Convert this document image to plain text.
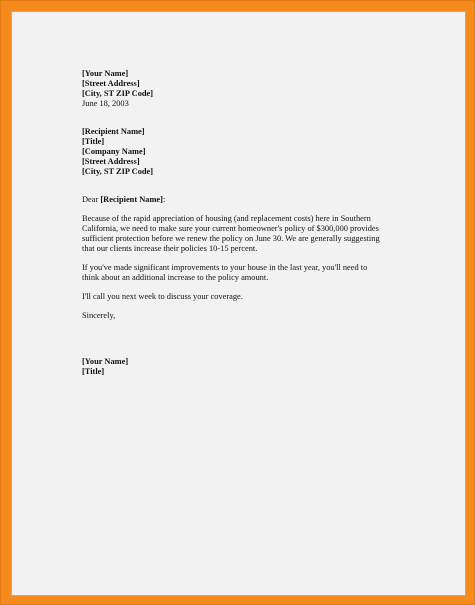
[Your Name]
[Street Address]
[City, ST ZIP Code]
June 18, 2003
[Recipient Name]
[Title]
[Company Name]
[Street Address]
[City, ST ZIP Code]
Dear [Recipient Name]:

Because of the rapid appreciation of housing (and replacement costs) here in Southern
California, we need to make sure your current homeowner's policy of $300,000 provides
sufficient protection before we renew the policy on June 30. We are generally suggesting
that our clients increase their policies 10-15 percent.

If you've made significant improvements to your house in the last year, you'll need to
think about an additional increase to the policy amount.

I'll call you next week to discuss your coverage.

Sincerely,
[Your Name]
[Title]
